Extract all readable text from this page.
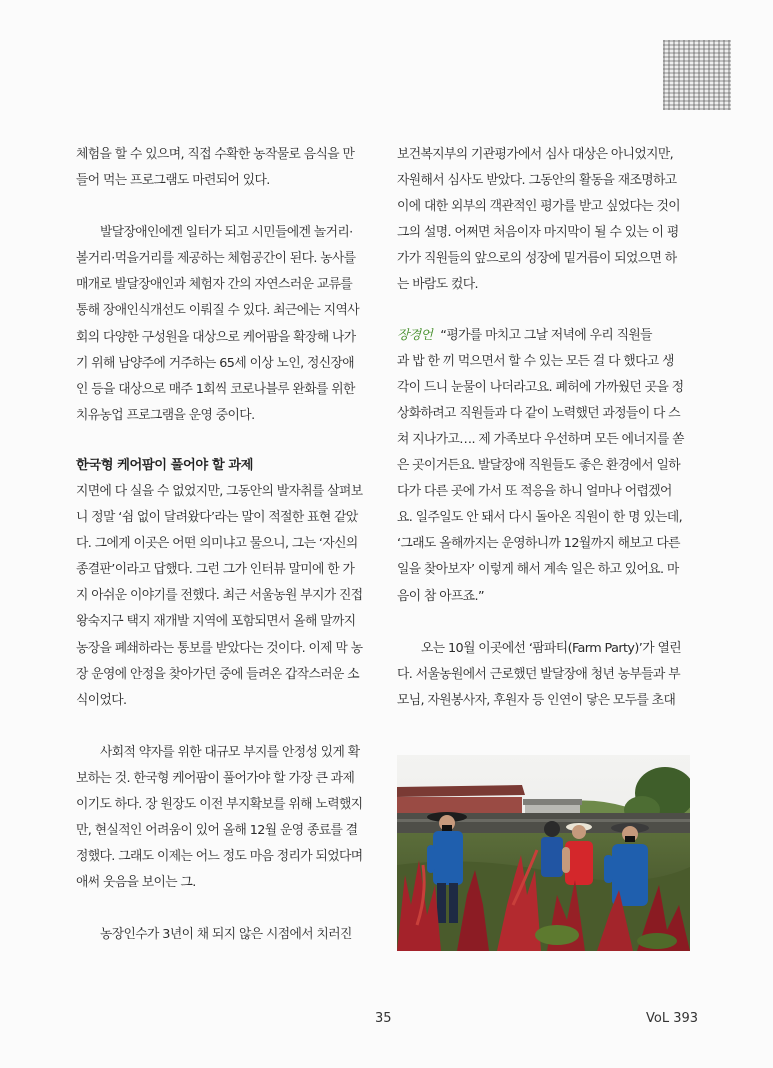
체험을 할 수 있으며, 직접 수확한 농작물로 음식을 만
들어 먹는 프로그램도 마련되어 있다.
발달장애인에겐 일터가 되고 시민들에겐 놀거리·
볼거리·먹을거리를 제공하는 체험공간이 된다. 농사를
매개로 발달장애인과 체험자 간의 자연스러운 교류를
통해 장애인식개선도 이뤄질 수 있다. 최근에는 지역사
회의 다양한 구성원을 대상으로 케어팜을 확장해 나가
기 위해 남양주에 거주하는 65세 이상 노인, 정신장애
인 등을 대상으로 매주 1회씩 코로나블루 완화를 위한
치유농업 프로그램을 운영 중이다.
한국형 케어팜이 풀어야 할 과제
지면에 다 실을 수 없었지만, 그동안의 발자취를 살펴보
니 정말 ‘쉼 없이 달려왔다’라는 말이 적절한 표현 같았
다. 그에게 이곳은 어떤 의미냐고 물으니, 그는 ‘자신의
종결판’이라고 답했다. 그런 그가 인터뷰 말미에 한 가
지 아쉬운 이야기를 전했다. 최근 서울농원 부지가 진접
왕숙지구 택지 재개발 지역에 포함되면서 올해 말까지
농장을 폐쇄하라는 통보를 받았다는 것이다. 이제 막 농
장 운영에 안정을 찾아가던 중에 들려온 갑작스러운 소
식이었다.
사회적 약자를 위한 대규모 부지를 안정성 있게 확
보하는 것. 한국형 케어팜이 풀어가야 할 가장 큰 과제
이기도 하다. 장 원장도 이전 부지확보를 위해 노력했지
만, 현실적인 어려움이 있어 올해 12월 운영 종료를 결
정했다. 그래도 이제는 어느 정도 마음 정리가 되었다며
애써 웃음을 보이는 그.
농장인수가 3년이 채 되지 않은 시점에서 치러진
보건복지부의 기관평가에서 심사 대상은 아니었지만,
자원해서 심사도 받았다. 그동안의 활동을 재조명하고
이에 대한 외부의 객관적인 평가를 받고 싶었다는 것이
그의 설명. 어쩌면 처음이자 마지막이 될 수 있는 이 평
가가 직원들의 앞으로의 성장에 밑거름이 되었으면 하
는 바람도 컸다.
장경언 “평가를 마치고 그날 저녁에 우리 직원들
과 밥 한 끼 먹으면서 할 수 있는 모든 걸 다 했다고 생
각이 드니 눈물이 나더라고요. 폐허에 가까웠던 곳을 정
상화하려고 직원들과 다 같이 노력했던 과정들이 다 스
쳐 지나가고…. 제 가족보다 우선하며 모든 에너지를 쏟
은 곳이거든요. 발달장애 직원들도 좋은 환경에서 일하
다가 다른 곳에 가서 또 적응을 하니 얼마나 어렵겠어
요. 일주일도 안 돼서 다시 돌아온 직원이 한 명 있는데,
‘그래도 올해까지는 운영하니까 12월까지 해보고 다른
일을 찾아보자’ 이렇게 해서 계속 일은 하고 있어요. 마
음이 참 아프죠.”
오는 10월 이곳에선 ‘팜파티(Farm Party)’가 열린
다. 서울농원에서 근로했던 발달장애 청년 농부들과 부
모님, 자원봉사자, 후원자 등 인연이 닿은 모두를 초대
35	VoL 393
